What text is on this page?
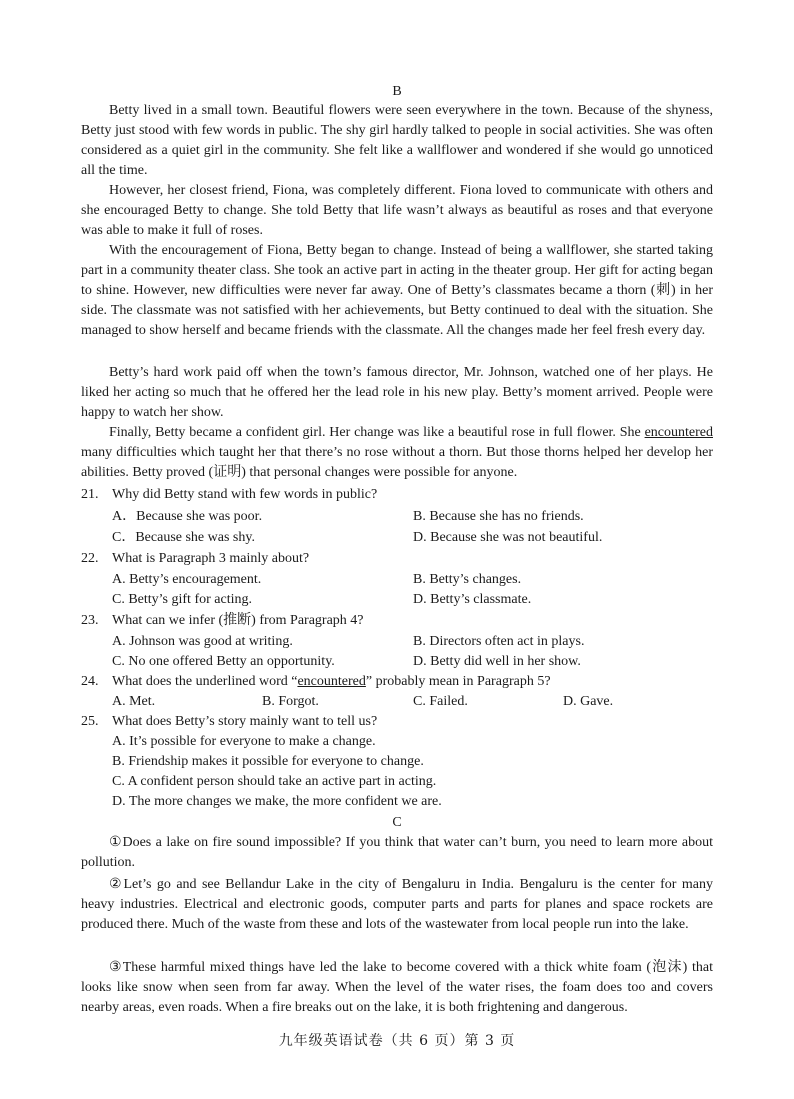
B

Betty lived in a small town. Beautiful flowers were seen everywhere in the town. Because of the shyness, Betty just stood with few words in public. The shy girl hardly talked to people in social activities. She was often considered as a quiet girl in the community. She felt like a wallflower and wondered if she would go unnoticed all the time.

However, her closest friend, Fiona, was completely different. Fiona loved to communicate with others and she encouraged Betty to change. She told Betty that life wasn’t always as beautiful as roses and that everyone was able to make it full of roses.

With the encouragement of Fiona, Betty began to change. Instead of being a wallflower, she started taking part in a community theater class. She took an active part in acting in the theater group. Her gift for acting began to shine. However, new difficulties were never far away. One of Betty’s classmates became a thorn (刺) in her side. The classmate was not satisfied with her achievements, but Betty continued to deal with the situation. She managed to show herself and became friends with the classmate. All the changes made her feel fresh every day.

Betty’s hard work paid off when the town’s famous director, Mr. Johnson, watched one of her plays. He liked her acting so much that he offered her the lead role in his new play. Betty’s moment arrived. People were happy to watch her show.

Finally, Betty became a confident girl. Her change was like a beautiful rose in full flower. She encountered many difficulties which taught her that there’s no rose without a thorn. But those thorns helped her develop her abilities. Betty proved (证明) that personal changes were possible for anyone.

21. Why did Betty stand with few words in public?

A．Because she was poor.	B. Because she has no friends.

C．Because she was shy.	D. Because she was not beautiful.

22. What is Paragraph 3 mainly about?

A. Betty’s encouragement.	B. Betty’s changes.

C. Betty’s gift for acting.	D. Betty’s classmate.

23. What can we infer (推断) from Paragraph 4?

A. Johnson was good at writing.	B. Directors often act in plays.

C. No one offered Betty an opportunity.	D. Betty did well in her show.

24. What does the underlined word “encountered” probably mean in Paragraph 5?

A. Met.	B. Forgot.	C. Failed.	D. Gave.

25. What does Betty’s story mainly want to tell us?

A. It’s possible for everyone to make a change.

B. Friendship makes it possible for everyone to change.

C. A confident person should take an active part in acting.

D. The more changes we make, the more confident we are.

C

①Does a lake on fire sound impossible? If you think that water can’t burn, you need to learn more about pollution.

②Let’s go and see Bellandur Lake in the city of Bengaluru in India. Bengaluru is the center for many heavy industries. Electrical and electronic goods, computer parts and parts for planes and space rockets are produced there. Much of the waste from these and lots of the wastewater from local people run into the lake.

③These harmful mixed things have led the lake to become covered with a thick white foam (泡沫) that looks like snow when seen from far away. When the level of the water rises, the foam does too and covers nearby areas, even roads. When a fire breaks out on the lake, it is both frightening and dangerous.

九年级英语试卷（共 6 页）第 3 页
